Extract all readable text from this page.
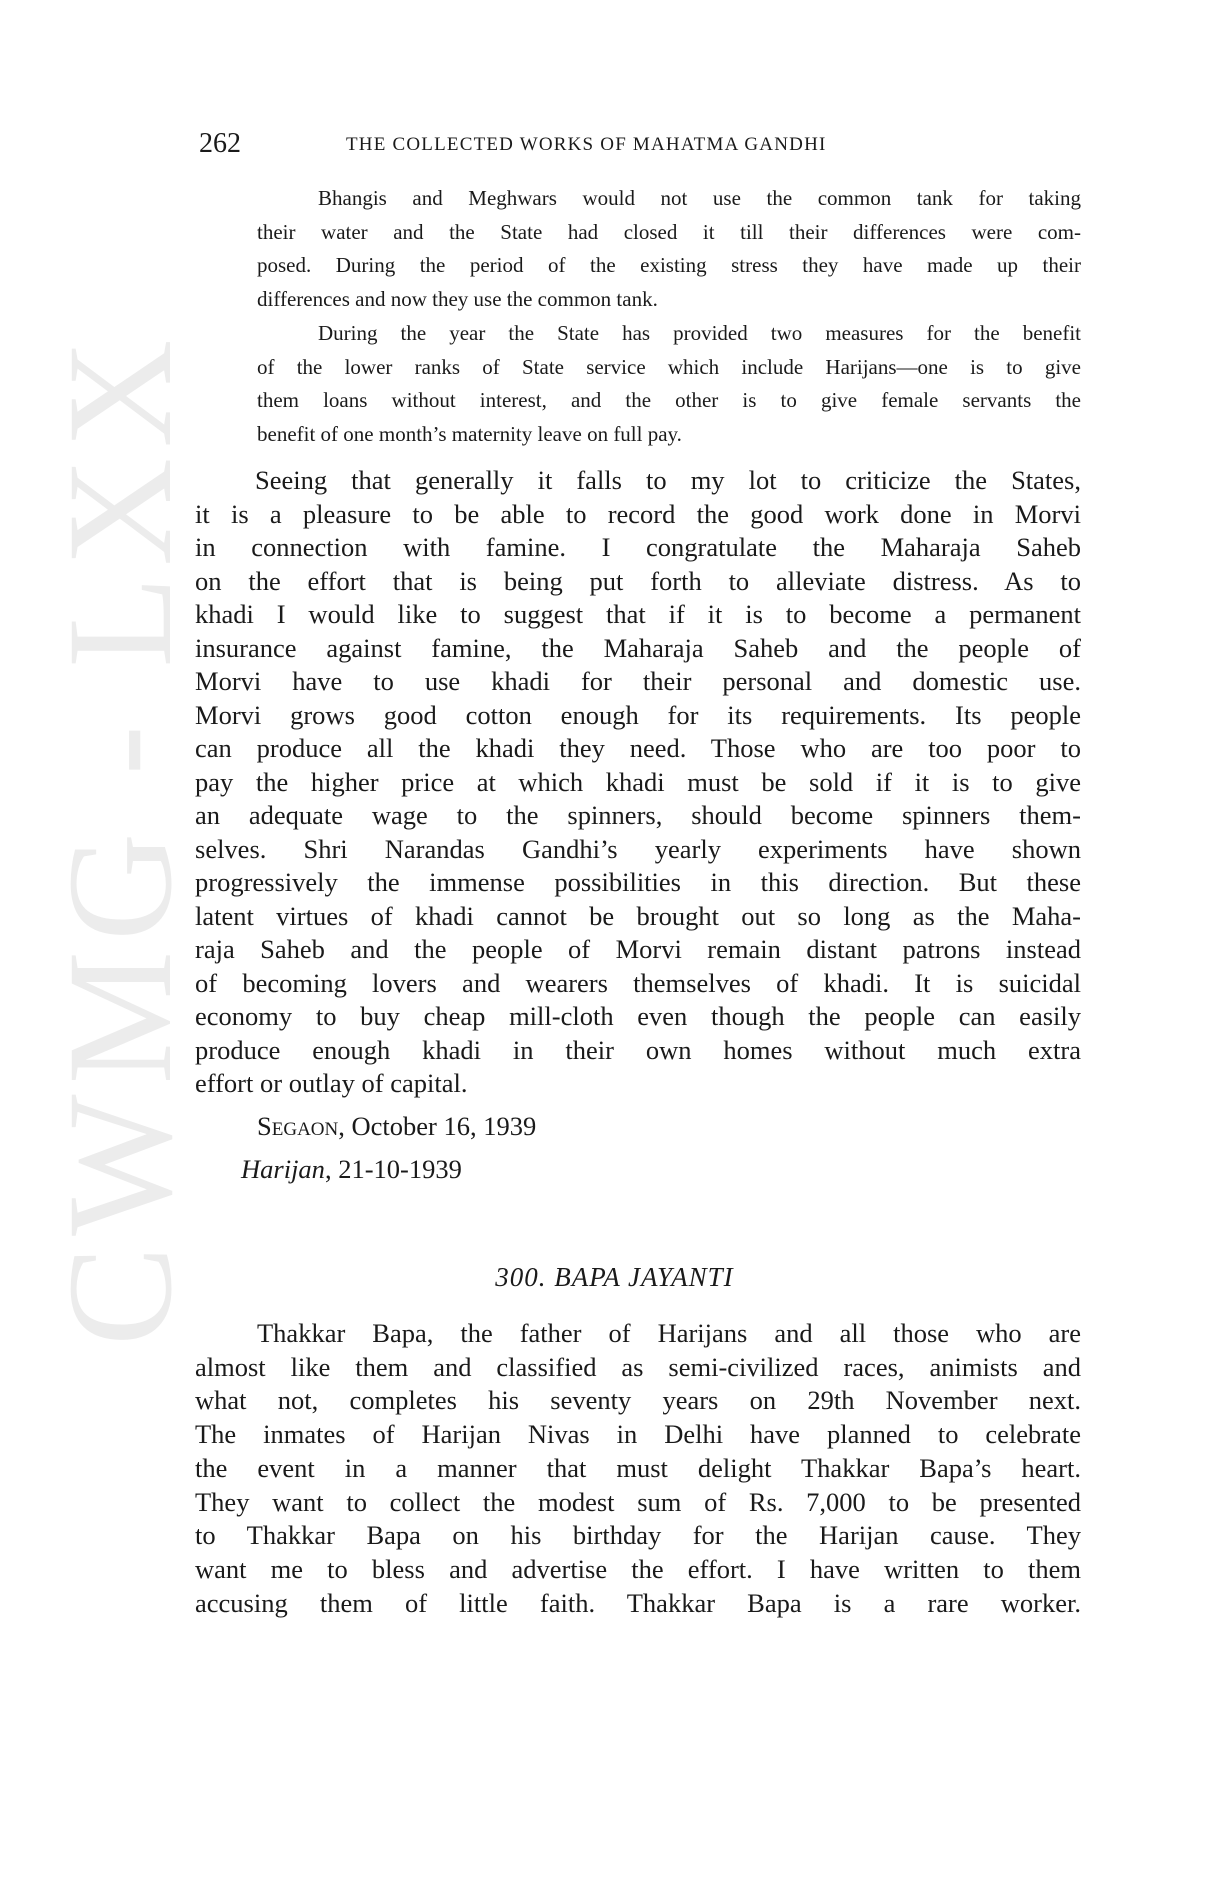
CWMG - LXX
262	THE COLLECTED WORKS OF MAHATMA GANDHI
Bhangis and Meghwars would not use the common tank for taking
their water and the State had closed it till their differences were com-
posed. During the period of the existing stress they have made up their
differences and now they use the common tank.
During the year the State has provided two measures for the benefit
of the lower ranks of State service which include Harijans—one is to give
them loans without interest, and the other is to give female servants the
benefit of one month’s maternity leave on full pay.
Seeing that generally it falls to my lot to criticize the States,
it is a pleasure to be able to record the good work done in Morvi
in connection with famine. I congratulate the Maharaja Saheb
on the effort that is being put forth to alleviate distress. As to
khadi I would like to suggest that if it is to become a permanent
insurance against famine, the Maharaja Saheb and the people of
Morvi have to use khadi for their personal and domestic use.
Morvi grows good cotton enough for its requirements. Its people
can produce all the khadi they need. Those who are too poor to
pay the higher price at which khadi must be sold if it is to give
an adequate wage to the spinners, should become spinners them-
selves. Shri Narandas Gandhi’s yearly experiments have shown
progressively the immense possibilities in this direction. But these
latent virtues of khadi cannot be brought out so long as the Maha-
raja Saheb and the people of Morvi remain distant patrons instead
of becoming lovers and wearers themselves of khadi. It is suicidal
economy to buy cheap mill-cloth even though the people can easily
produce enough khadi in their own homes without much extra
effort or outlay of capital.
Segaon, October 16, 1939
Harijan, 21-10-1939
300. BAPA JAYANTI
Thakkar Bapa, the father of Harijans and all those who are
almost like them and classified as semi-civilized races, animists and
what not, completes his seventy years on 29th November next.
The inmates of Harijan Nivas in Delhi have planned to celebrate
the event in a manner that must delight Thakkar Bapa’s heart.
They want to collect the modest sum of Rs. 7,000 to be presented
to Thakkar Bapa on his birthday for the Harijan cause. They
want me to bless and advertise the effort. I have written to them
accusing them of little faith. Thakkar Bapa is a rare worker.
